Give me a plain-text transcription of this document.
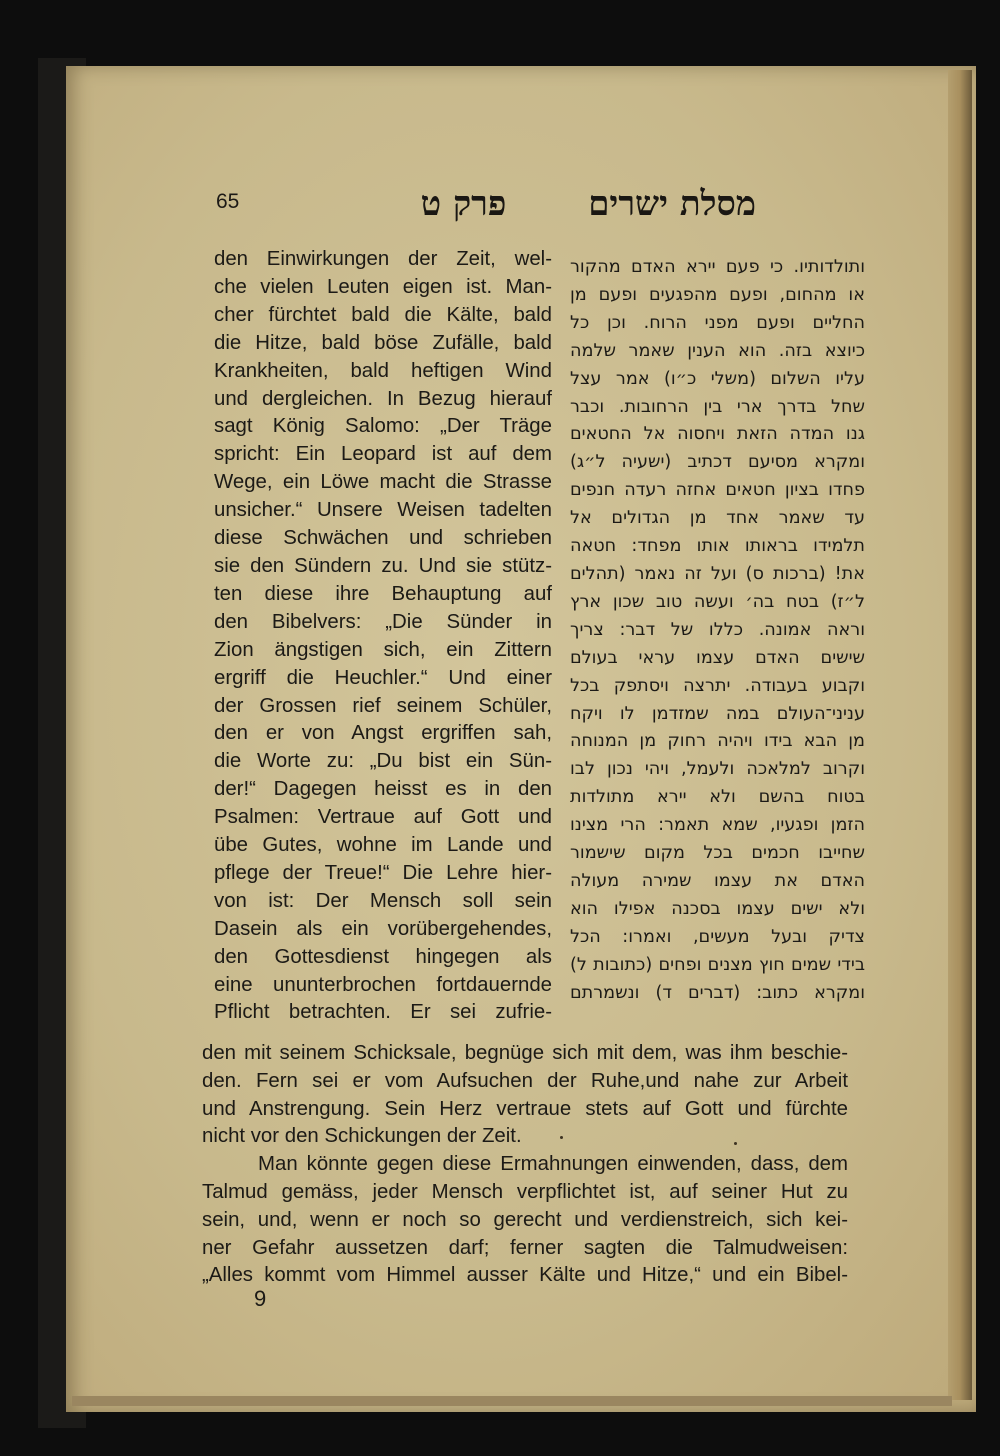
65	מסלת ישרים פרק ט
den Einwirkungen der Zeit, wel-
che vielen Leuten eigen ist. Man-
cher fürchtet bald die Kälte, bald
die Hitze, bald böse Zufälle, bald
Krankheiten, bald heftigen Wind
und dergleichen. In Bezug hierauf
sagt König Salomo: „Der Träge
spricht: Ein Leopard ist auf dem
Wege, ein Löwe macht die Strasse
unsicher.“ Unsere Weisen tadelten
diese Schwächen und schrieben
sie den Sündern zu. Und sie stütz-
ten diese ihre Behauptung auf
den Bibelvers: „Die Sünder in
Zion ängstigen sich, ein Zittern
ergriff die Heuchler.“ Und einer
der Grossen rief seinem Schüler,
den er von Angst ergriffen sah,
die Worte zu: „Du bist ein Sün-
der!“ Dagegen heisst es in den
Psalmen: Vertraue auf Gott und
übe Gutes, wohne im Lande und
pflege der Treue!“ Die Lehre hier-
von ist: Der Mensch soll sein
Dasein als ein vorübergehendes,
den Gottesdienst hingegen als
eine ununterbrochen fortdauernde
Pflicht betrachten. Er sei zufrie-
ותולדותיו. כי פעם יירא האדם מהקור
או מהחום, ופעם מהפגעים ופעם מן
החליים ופעם מפני הרוח. וכן כל
כיוצא בזה. הוא הענין שאמר שלמה
עליו השלום (משלי כ״ו) אמר עצל
שחל בדרך ארי בין הרחובות. וכבר
גנו המדה הזאת ויחסוה אל החטאים
ומקרא מסיעם דכתיב (ישעיה ל״ג)
פחדו בציון חטאים אחזה רעדה חנפים
עד שאמר אחד מן הגדולים אל
תלמידו בראותו אותו מפחד: חטאה
את! (ברכות ס) ועל זה נאמר (תהלים
ל״ז) בטח בה׳ ועשה טוב שכון ארץ
וראה אמונה. כללו של דבר: צריך
שישים האדם עצמו עראי בעולם
וקבוע בעבודה. יתרצה ויסתפק בכל
עניני־העולם במה שמזדמן לו ויקח
מן הבא בידו ויהיה רחוק מן המנוחה
וקרוב למלאכה ולעמל, ויהי נכון לבו
בטוח בהשם ולא יירא מתולדות
הזמן ופגעיו, שמא תאמר: הרי מצינו
שחייבו חכמים בכל מקום שישמור
האדם את עצמו שמירה מעולה
ולא ישים עצמו בסכנה אפילו הוא
צדיק ובעל מעשים, ואמרו: הכל
בידי שמים חוץ מצנים ופחים (כתובות ל)
ומקרא כתוב: (דברים ד) ונשמרתם
den mit seinem Schicksale, begnüge sich mit dem, was ihm beschie-
den. Fern sei er vom Aufsuchen der Ruhe,und nahe zur Arbeit
und Anstrengung. Sein Herz vertraue stets auf Gott und fürchte
nicht vor den Schickungen der Zeit.
Man könnte gegen diese Ermahnungen einwenden, dass, dem
Talmud gemäss, jeder Mensch verpflichtet ist, auf seiner Hut zu
sein, und, wenn er noch so gerecht und verdienstreich, sich kei-
ner Gefahr aussetzen darf; ferner sagten die Talmudweisen:
„Alles kommt vom Himmel ausser Kälte und Hitze,“ und ein Bibel-
9
